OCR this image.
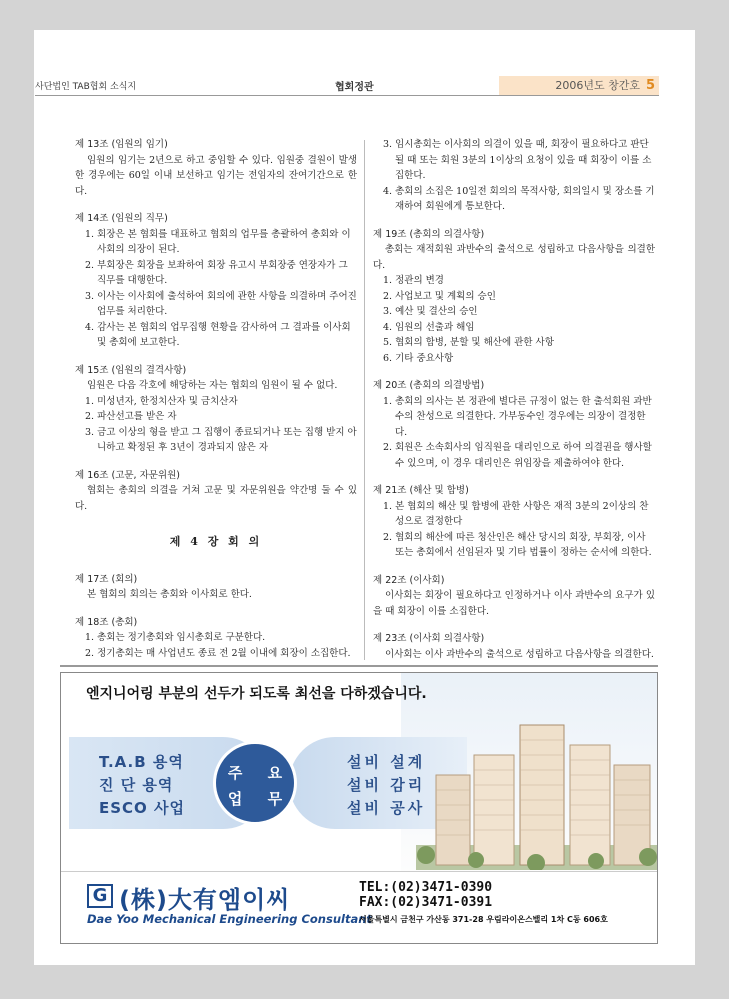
사단법인 TAB협회 소식지	협회정관	2006년도 창간호 5
제 13조 (임원의 임기)

임원의 임기는 2년으로 하고 중임할 수 있다. 임원중 결원이 발생한 경우에는 60일 이내 보선하고 임기는 전임자의 잔여기간으로 한다.

제 14조 (임원의 직무)
1. 회장은 본 협회를 대표하고 협회의 업무를 총괄하여 총회와 이사회의 의장이 된다.
2. 부회장은 회장을 보좌하여 회장 유고시 부회장중 연장자가 그 직무를 대행한다.
3. 이사는 이사회에 출석하여 회의에 관한 사항을 의결하며 주어진 업무를 처리한다.
4. 감사는 본 협회의 업무집행 현황을 감사하여 그 결과를 이사회 및 총회에 보고한다.
제 15조 (임원의 결격사항)

임원은 다음 각호에 해당하는 자는 협회의 임원이 될 수 없다.

1. 미성년자, 한정치산자 및 금치산자
2. 파산선고를 받은 자
3. 금고 이상의 형을 받고 그 집행이 종료되거나 또는 집행 받지 아니하고 확정된 후 3년이 경과되지 않은 자
제 16조 (고문, 자문위원)

협회는 총회의 의결을 거쳐 고문 및 자문위원을 약간명 둘 수 있다.

제 4 장 회 의
제 17조 (회의)

본 협회의 회의는 총회와 이사회로 한다.

제 18조 (총회)
1. 총회는 정기총회와 임시총회로 구분한다.
2. 정기총회는 매 사업년도 종료 전 2월 이내에 회장이 소집한다.
3. 임시총회는 이사회의 의결이 있을 때, 회장이 필요하다고 판단될 때 또는 회원 3분의 1이상의 요청이 있을 때 회장이 이를 소집한다.
4. 총회의 소집은 10일전 회의의 목적사항, 회의일시 및 장소를 기재하여 회원에게 통보한다.
제 19조 (총회의 의결사항)

총회는 재적회원 과반수의 출석으로 성립하고 다음사항을 의결한다.

1. 정관의 변경
2. 사업보고 및 계획의 승인
3. 예산 및 결산의 승인
4. 임원의 선출과 해임
5. 협회의 합병, 분할 및 해산에 관한 사항
6. 기타 중요사항
제 20조 (총회의 의결방법)
1. 총회의 의사는 본 정관에 별다른 규정이 없는 한 출석회원 과반수의 찬성으로 의결한다. 가부동수인 경우에는 의장이 결정한다.
2. 회원은 소속회사의 임직원을 대리인으로 하여 의결권을 행사할 수 있으며, 이 경우 대리인은 위임장을 제출하여야 한다.
제 21조 (해산 및 합병)
1. 본 협회의 해산 및 합병에 관한 사항은 재적 3분의 2이상의 찬성으로 결정한다
2. 협회의 해산에 따른 청산인은 해산 당시의 회장, 부회장, 이사 또는 총회에서 선임된자 및 기타 법률이 정하는 순서에 의한다.
제 22조 (이사회)

이사회는 회장이 필요하다고 인정하거나 이사 과반수의 요구가 있을 때 회장이 이를 소집한다.

제 23조 (이사회 의결사항)

이사회는 이사 과반수의 출석으로 성립하고 다음사항을 의결한다.

엔지니어링 부분의 선두가 되도록 최선을 다하겠습니다.
T.A.B 용역
진 단 용역
ESCO 사업
설비 설계
설비 감리
설비 공사
주 요
업 무
G (株)大有엠이씨
Dae Yoo Mechanical Engineering Consultant
TEL:(02)3471-0390
FAX:(02)3471-0391
서울특별시 금천구 가산동 371-28 우림라이온스밸리 1차 C동 606호
